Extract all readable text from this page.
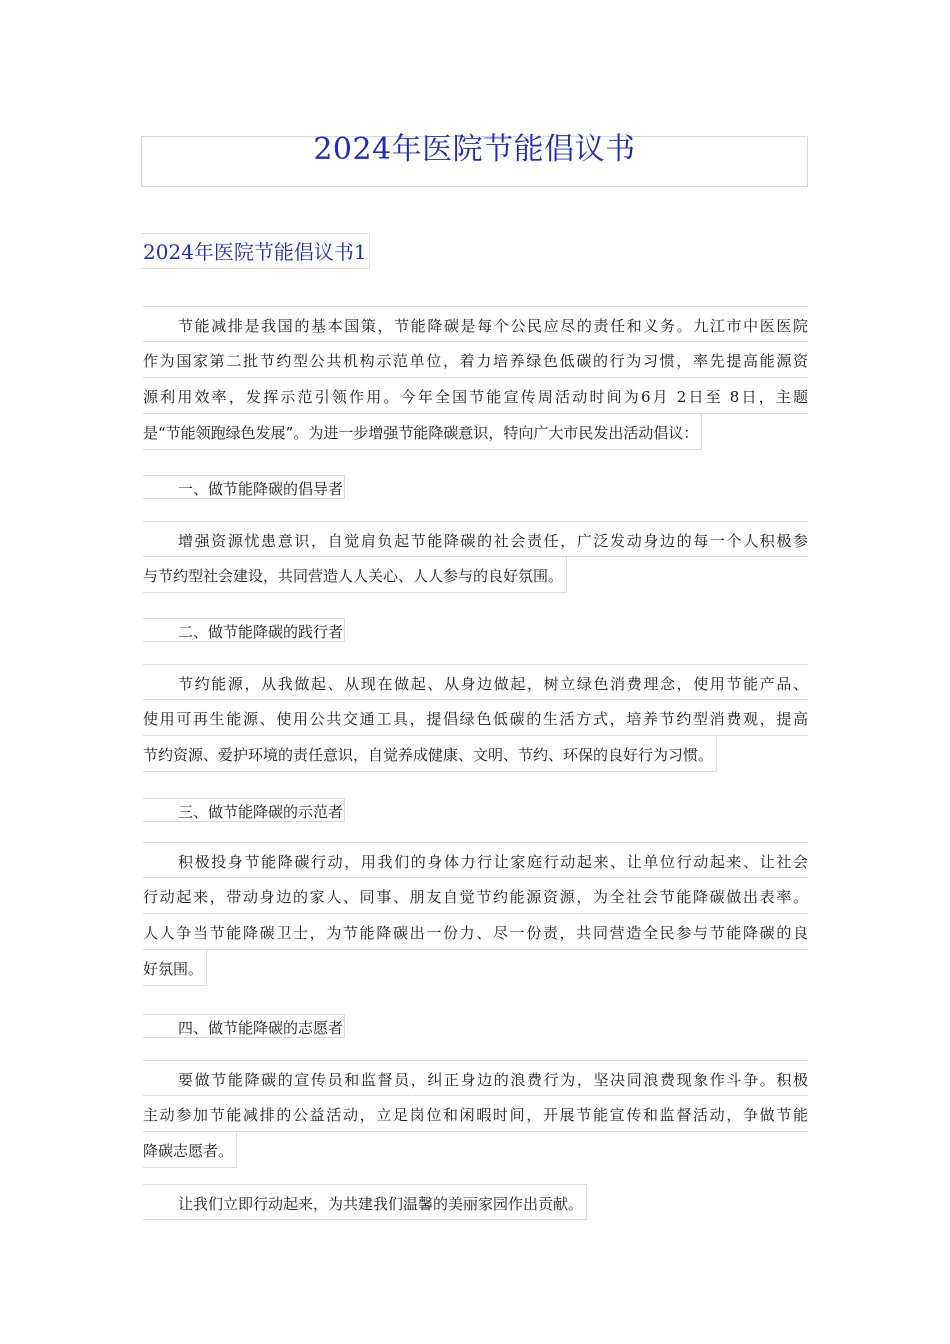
2024年医院节能倡议书
2024年医院节能倡议书1
节能减排是我国的基本国策，节能降碳是每个公民应尽的责任和义务。九江市中医医院
作为国家第二批节约型公共机构示范单位，着力培养绿色低碳的行为习惯，率先提高能源资
源利用效率，发挥示范引领作用。今年全国节能宣传周活动时间为6月 2日至 8日，主题
是“节能领跑绿色发展”。为进一步增强节能降碳意识，特向广大市民发出活动倡议：
一、做节能降碳的倡导者
增强资源忧患意识，自觉肩负起节能降碳的社会责任，广泛发动身边的每一个人积极参
与节约型社会建设，共同营造人人关心、人人参与的良好氛围。
二、做节能降碳的践行者
节约能源，从我做起、从现在做起、从身边做起，树立绿色消费理念，使用节能产品、
使用可再生能源、使用公共交通工具，提倡绿色低碳的生活方式，培养节约型消费观，提高
节约资源、爱护环境的责任意识，自觉养成健康、文明、节约、环保的良好行为习惯。
三、做节能降碳的示范者
积极投身节能降碳行动，用我们的身体力行让家庭行动起来、让单位行动起来、让社会
行动起来，带动身边的家人、同事、朋友自觉节约能源资源，为全社会节能降碳做出表率。
人人争当节能降碳卫士，为节能降碳出一份力、尽一份责，共同营造全民参与节能降碳的良
好氛围。
四、做节能降碳的志愿者
要做节能降碳的宣传员和监督员，纠正身边的浪费行为，坚决同浪费现象作斗争。积极
主动参加节能减排的公益活动，立足岗位和闲暇时间，开展节能宣传和监督活动，争做节能
降碳志愿者。
让我们立即行动起来，为共建我们温馨的美丽家园作出贡献。
